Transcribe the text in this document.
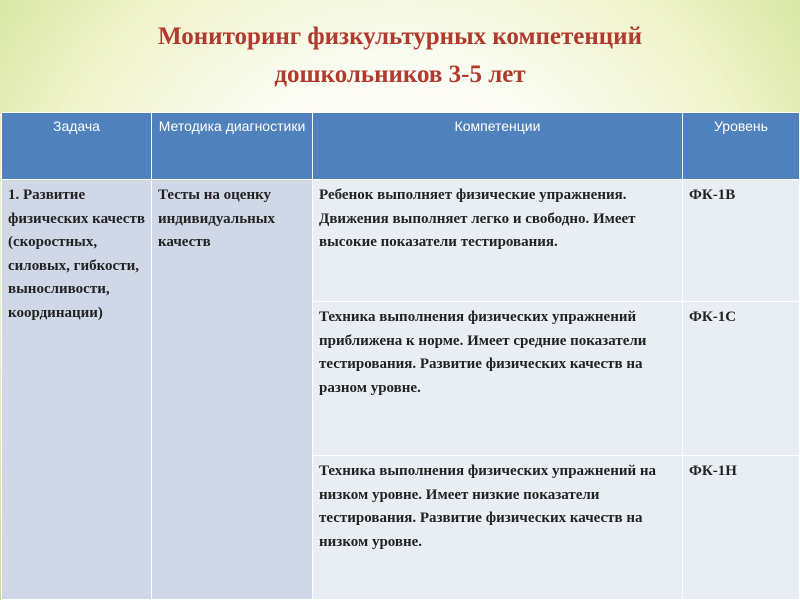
Мониторинг физкультурных компетенций
дошкольников 3-5 лет
Задача	Методика диагностики	Компетенции	Уровень
1. Развитие физических качеств (скоростных, силовых, гибкости, выносливости, координации)	Тесты на оценку индивидуальных качеств	Ребенок выполняет физические упражнения. Движения выполняет легко и свободно. Имеет высокие показатели тестирования.	ФК-1В
		Техника выполнения физических упражнений приближена к норме. Имеет средние показатели тестирования. Развитие физических качеств на разном уровне.	ФК-1С
		Техника выполнения физических упражнений на низком уровне. Имеет низкие показатели тестирования. Развитие физических качеств на низком уровне.	ФК-1Н
